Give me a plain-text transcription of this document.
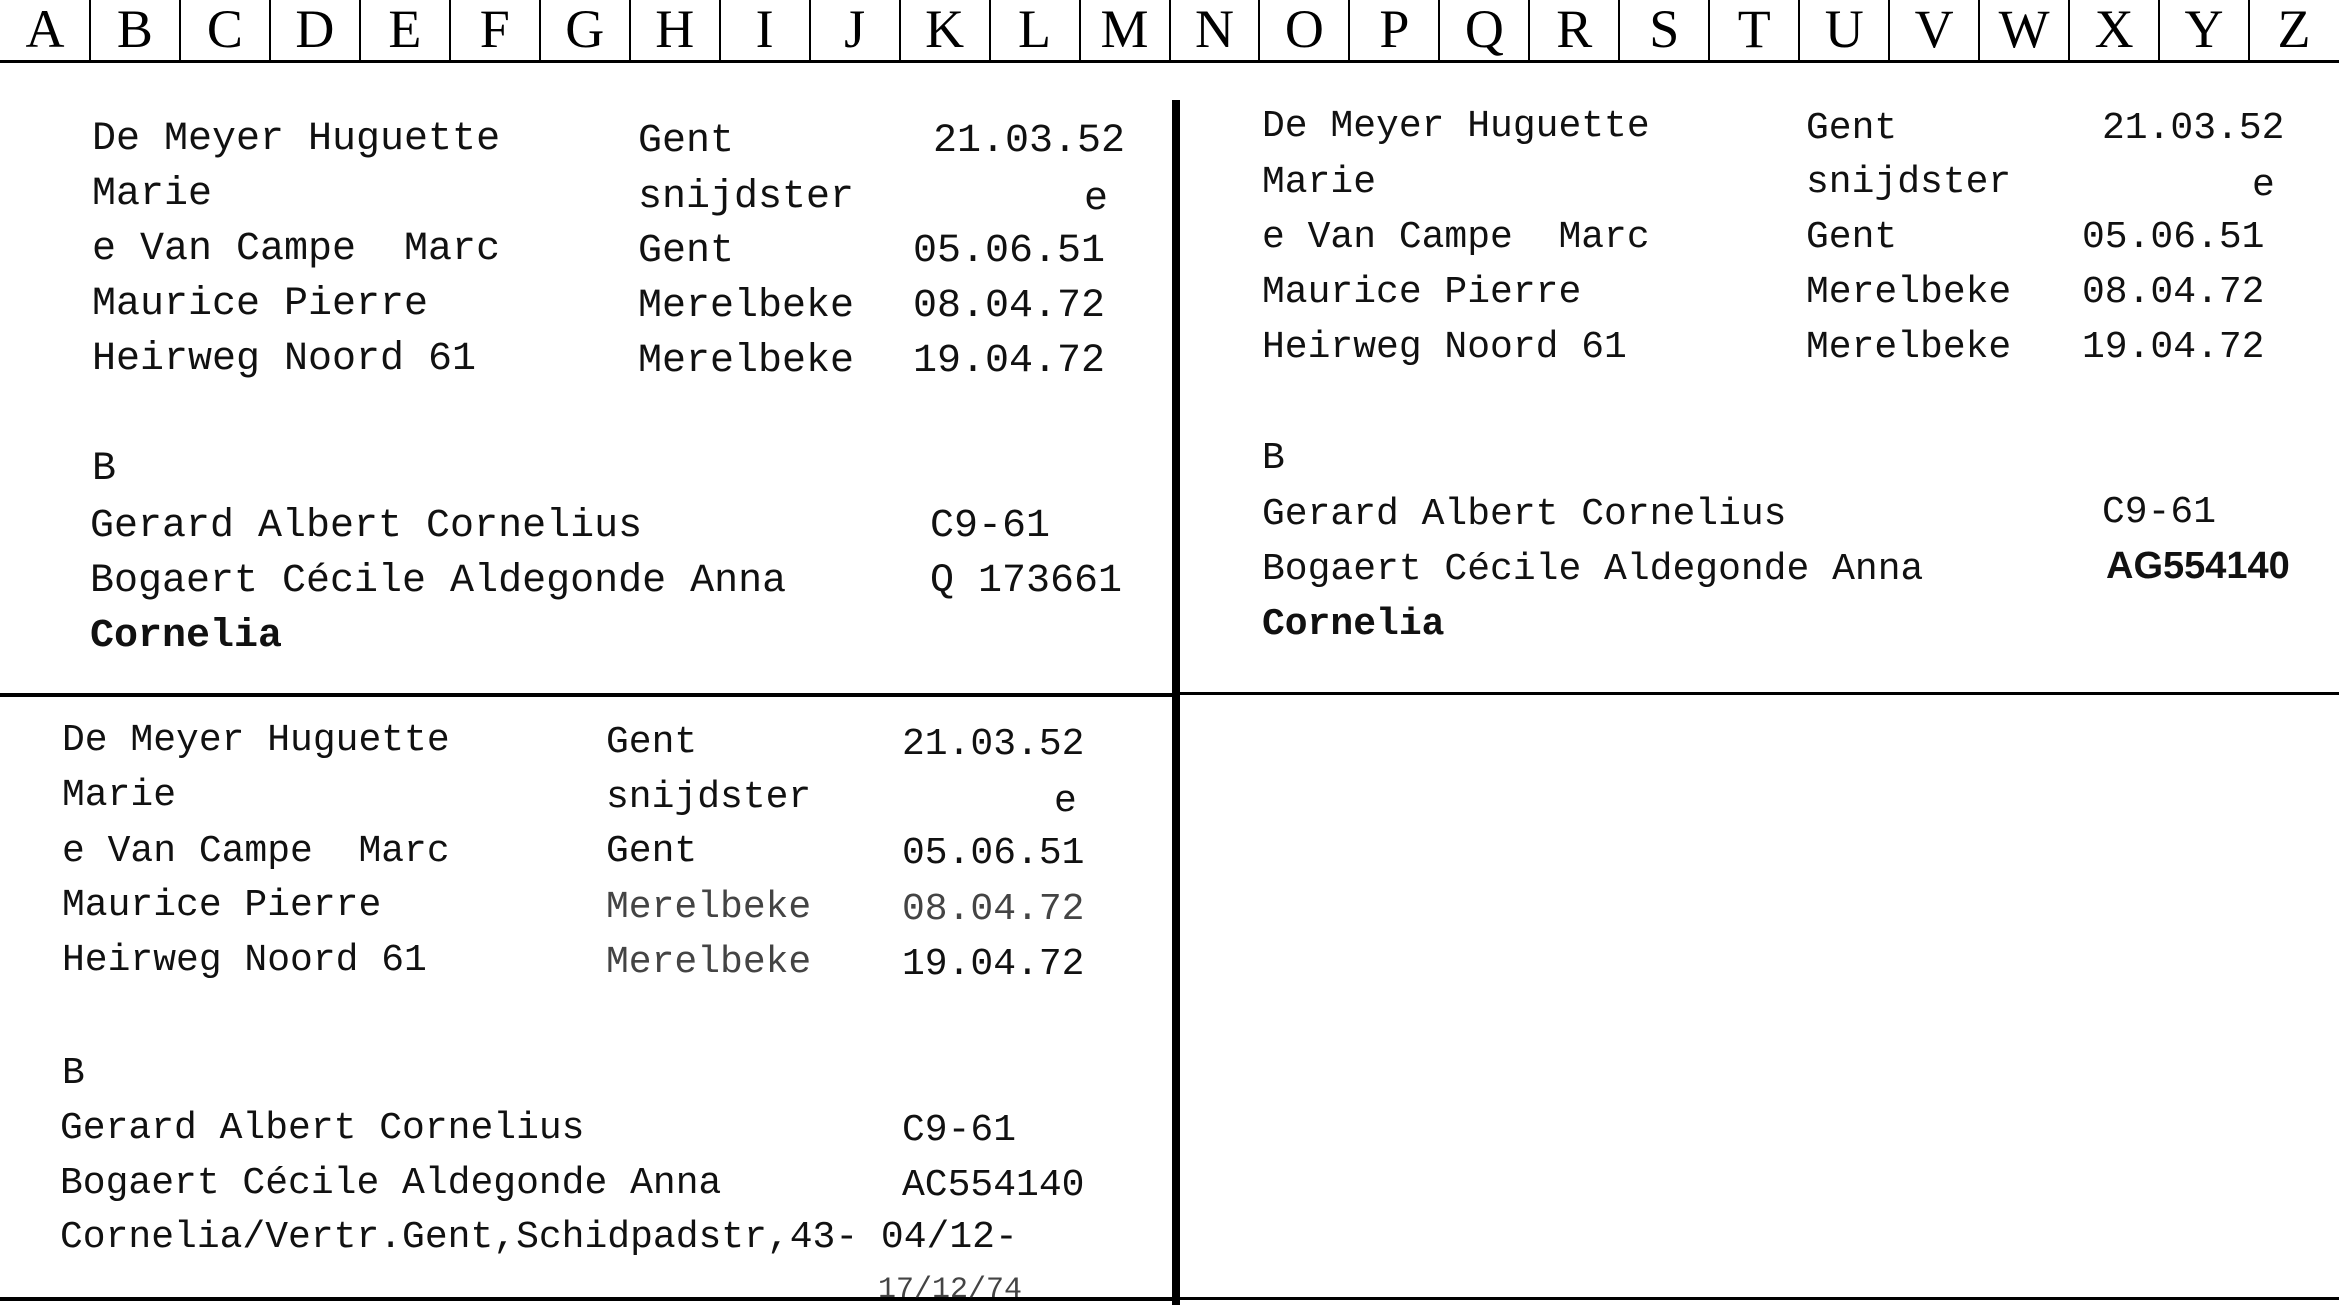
A B C D E	F	G H	I	J	K L M N O	P	Q R	S	T U V W X Y Z
De Meyer Huguette	Gent	21.03.52
Marie	snijdster	e
e Van Campe  Marc	Gent	05.06.51
Maurice Pierre	Merelbeke 08.04.72
Heirweg Noord 61	Merelbeke 19.04.72
B
Gerard Albert Cornelius	C9-61
Bogaert Cécile Aldegonde Anna	Q 173661
Cornelia
De Meyer Huguette	Gent	21.03.52
Marie	snijdster	e
e Van Campe  Marc	Gent	05.06.51
Maurice Pierre	Merelbeke 08.04.72
Heirweg Noord 61	Merelbeke 19.04.72
B
Gerard Albert Cornelius	C9-61
Bogaert Cécile Aldegonde Anna	AG554140
Cornelia
De Meyer Huguette	Gent	21.03.52
Marie	snijdster	e
e Van Campe  Marc	Gent	05.06.51
Maurice Pierre	Merelbeke 08.04.72
Heirweg Noord 61	Merelbeke 19.04.72
B
Gerard Albert Cornelius	C9-61
Bogaert Cécile Aldegonde Anna	AC554140
Cornelia/Vertr.Gent,Schidpadstr,43- 04/12-
17/12/74
